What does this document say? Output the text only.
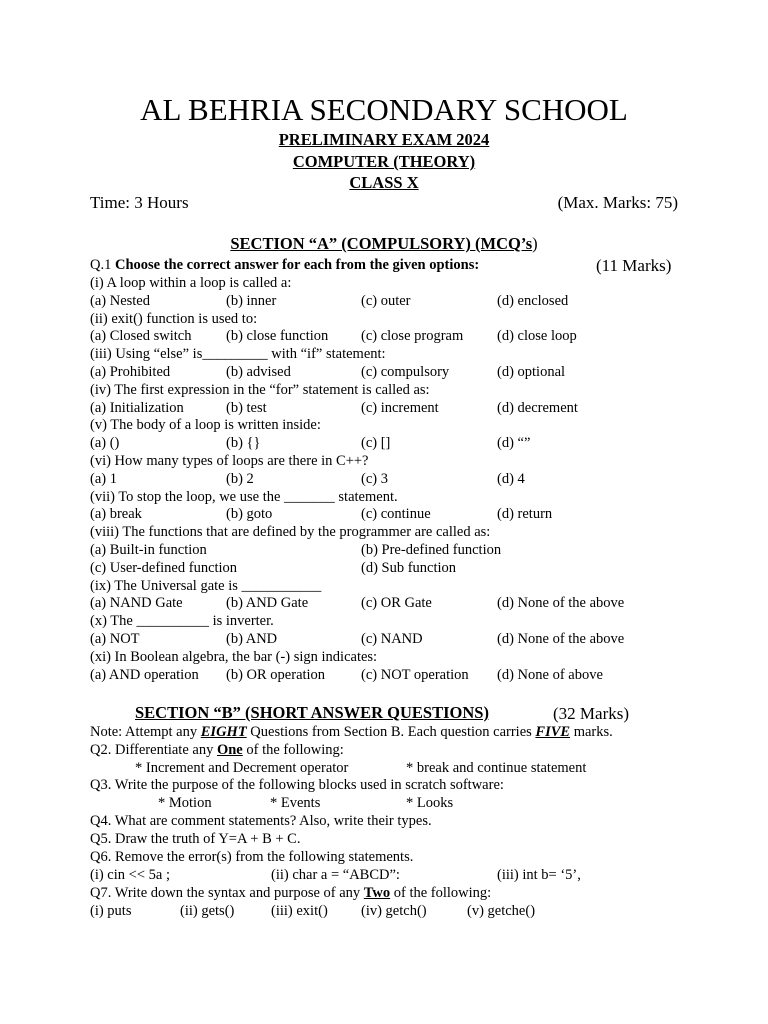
AL BEHRIA SECONDARY SCHOOL
PRELIMINARY EXAM 2024
COMPUTER (THEORY)
CLASS X
Time: 3 Hours	(Max. Marks: 75)
SECTION “A” (COMPULSORY) (MCQ’s)
Q.1 Choose the correct answer for each from the given options:	(11 Marks)
(i) A loop within a loop is called a:
(a) Nested	(b) inner	(c) outer	(d) enclosed
(ii) exit() function is used to:
(a) Closed switch (b) close function (c) close program (d) close loop
(iii) Using “else” is_________ with “if” statement:
(a) Prohibited	(b) advised	(c) compulsory	(d) optional
(iv) The first expression in the “for” statement is called as:
(a) Initialization	(b) test	(c) increment	(d) decrement
(v) The body of a loop is written inside:
(a) ()	(b) {}	(c) []	(d) “”
(vi) How many types of loops are there in C++?
(a) 1	(b) 2	(c) 3	(d) 4
(vii) To stop the loop, we use the _______ statement.
(a) break	(b) goto	(c) continue	(d) return
(viii) The functions that are defined by the programmer are called as:
(a) Built-in function	(b) Pre-defined function
(c) User-defined function	(d) Sub function
(ix) The Universal gate is ___________
(a) NAND Gate	(b) AND Gate	(c) OR Gate	(d) None of the above
(x) The __________ is inverter.
(a) NOT	(b) AND	(c) NAND	(d) None of the above
(xi) In Boolean algebra, the bar (-) sign indicates:
(a) AND operation (b) OR operation (c) NOT operation (d) None of above
SECTION “B” (SHORT ANSWER QUESTIONS)	(32 Marks)
Note: Attempt any EIGHT Questions from Section B. Each question carries FIVE marks.
Q2. Differentiate any One of the following:
* Increment and Decrement operator	* break and continue statement
Q3. Write the purpose of the following blocks used in scratch software:
* Motion	* Events	* Looks
Q4. What are comment statements? Also, write their types.
Q5. Draw the truth of Y=A + B + C.
Q6. Remove the error(s) from the following statements.
(i) cin << 5a ;	(ii) char a = “ABCD”:	(iii) int b= ‘5’,
Q7. Write down the syntax and purpose of any Two of the following:
(i) puts	(ii) gets()	(iii) exit() (iv) getch()	(v) getche()
